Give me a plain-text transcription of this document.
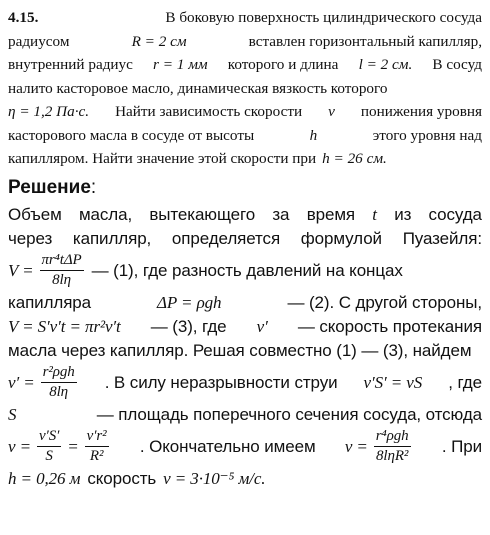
4.15.	В боковую поверхность цилиндрического сосуда
радиусом	R = 2 см	вставлен горизонтальный капилляр,
внутренний радиус r = 1 мм которого и длина l = 2 см. В сосуд
налито касторовое масло, динамическая вязкость которого
η = 1,2 Па·с. Найти зависимость скорости v понижения уровня
касторового масла в сосуде от высоты	h	этого уровня над
капилляром. Найти значение этой скорости при h = 26 см.
Решение:
Объем масла, вытекающего за время t из сосуда
через капилляр, определяется формулой Пуазейля:
$V = \frac{\text{πr⁴tΔP}}{8l\eta}$ — (1), где разность давлений на концах
капилляра	ΔP = ρgh	— (2). С другой стороны,
V = S′v′t = πr²v′t — (3), где v′ — скорость протекания
масла через капилляр. Решая совместно (1) — (3), найдем
$v' = \frac{\text{r²ρgh}}{8l\eta}$ . В силу неразрывности струи v′S′ = vS , где
S	— площадь поперечного сечения сосуда, отсюда
$v = \frac{v'S'}{S} = \frac{\text{v′r²}}{\text{R²}}$ . Окончательно имеем $v = \frac{\text{r⁴ρgh}}{\text{8lηR²}}$ . При
h = 0,26 м скорость v = 3·10⁻⁵ м/с.
